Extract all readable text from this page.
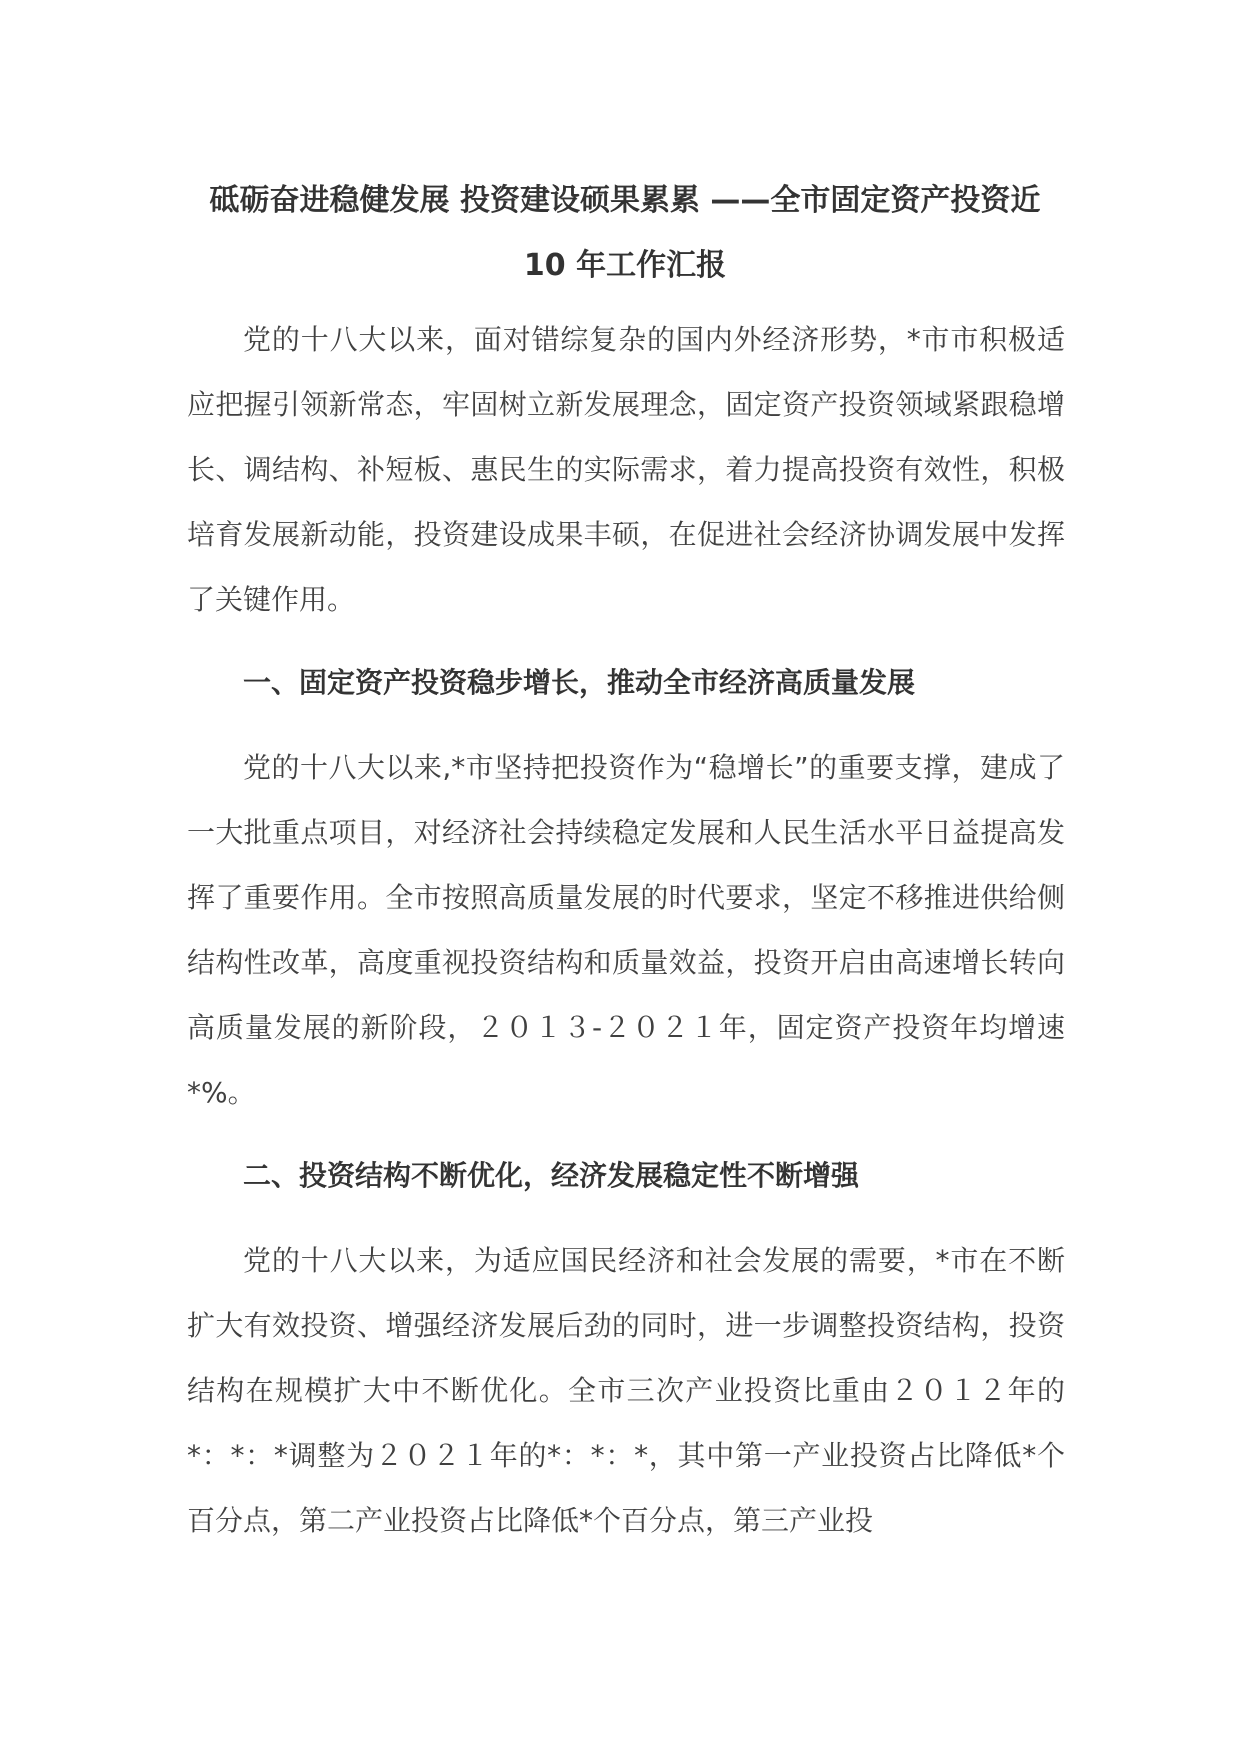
砥砺奋进稳健发展 投资建设硕果累累 ——全市固定资产投资近 10 年工作汇报

党的十八大以来，面对错综复杂的国内外经济形势，*市市积极适应把握引领新常态，牢固树立新发展理念，固定资产投资领域紧跟稳增长、调结构、补短板、惠民生的实际需求，着力提高投资有效性，积极培育发展新动能，投资建设成果丰硕，在促进社会经济协调发展中发挥了关键作用。

一、固定资产投资稳步增长，推动全市经济高质量发展

党的十八大以来,*市坚持把投资作为“稳增长”的重要支撑，建成了一大批重点项目，对经济社会持续稳定发展和人民生活水平日益提高发挥了重要作用。全市按照高质量发展的时代要求，坚定不移推进供给侧结构性改革，高度重视投资结构和质量效益，投资开启由高速增长转向高质量发展的新阶段，２０１３-２０２１年，固定资产投资年均增速*%。

二、投资结构不断优化，经济发展稳定性不断增强

党的十八大以来，为适应国民经济和社会发展的需要，*市在不断扩大有效投资、增强经济发展后劲的同时，进一步调整投资结构，投资结构在规模扩大中不断优化。全市三次产业投资比重由２０１２年的*：*：*调整为２０２１年的*：*：*，其中第一产业投资占比降低*个百分点，第二产业投资占比降低*个百分点，第三产业投
